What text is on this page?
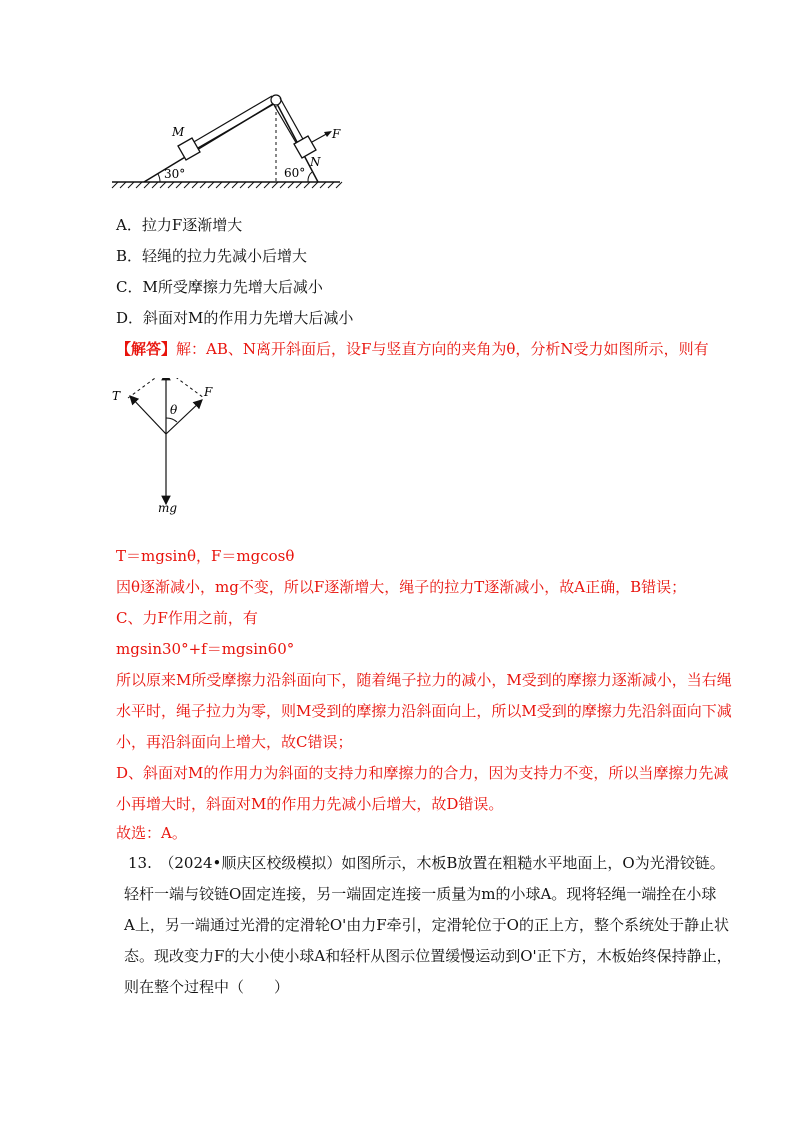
M
N
F
30°	60°
A．拉力F逐渐增大
B．轻绳的拉力先减小后增大
C．M所受摩擦力先增大后减小
D．斜面对M的作用力先增大后减小
【解答】解：AB、N离开斜面后，设F与竖直方向的夹角为θ，分析N受力如图所示，则有
T	F
θ
mg
T＝mgsinθ，F＝mgcosθ
因θ逐渐减小，mg不变，所以F逐渐增大，绳子的拉力T逐渐减小，故A正确，B错误；
C、力F作用之前，有
mgsin30°+f＝mgsin60°
所以原来M所受摩擦力沿斜面向下，随着绳子拉力的减小，M受到的摩擦力逐渐减小，当右绳
水平时，绳子拉力为零，则M受到的摩擦力沿斜面向上，所以M受到的摩擦力先沿斜面向下减
小，再沿斜面向上增大，故C错误；
D、斜面对M的作用力为斜面的支持力和摩擦力的合力，因为支持力不变，所以当摩擦力先减
小再增大时，斜面对M的作用力先减小后增大，故D错误。
故选：A。
13.　（2024•顺庆区校级模拟）如图所示，木板B放置在粗糙水平地面上，O为光滑铰链。
轻杆一端与铰链O固定连接，另一端固定连接一质量为m的小球A。现将轻绳一端拴在小球
A上，另一端通过光滑的定滑轮O'由力F牵引，定滑轮位于O的正上方，整个系统处于静止状
态。现改变力F的大小使小球A和轻杆从图示位置缓慢运动到O'正下方，木板始终保持静止，
则在整个过程中（　　）
